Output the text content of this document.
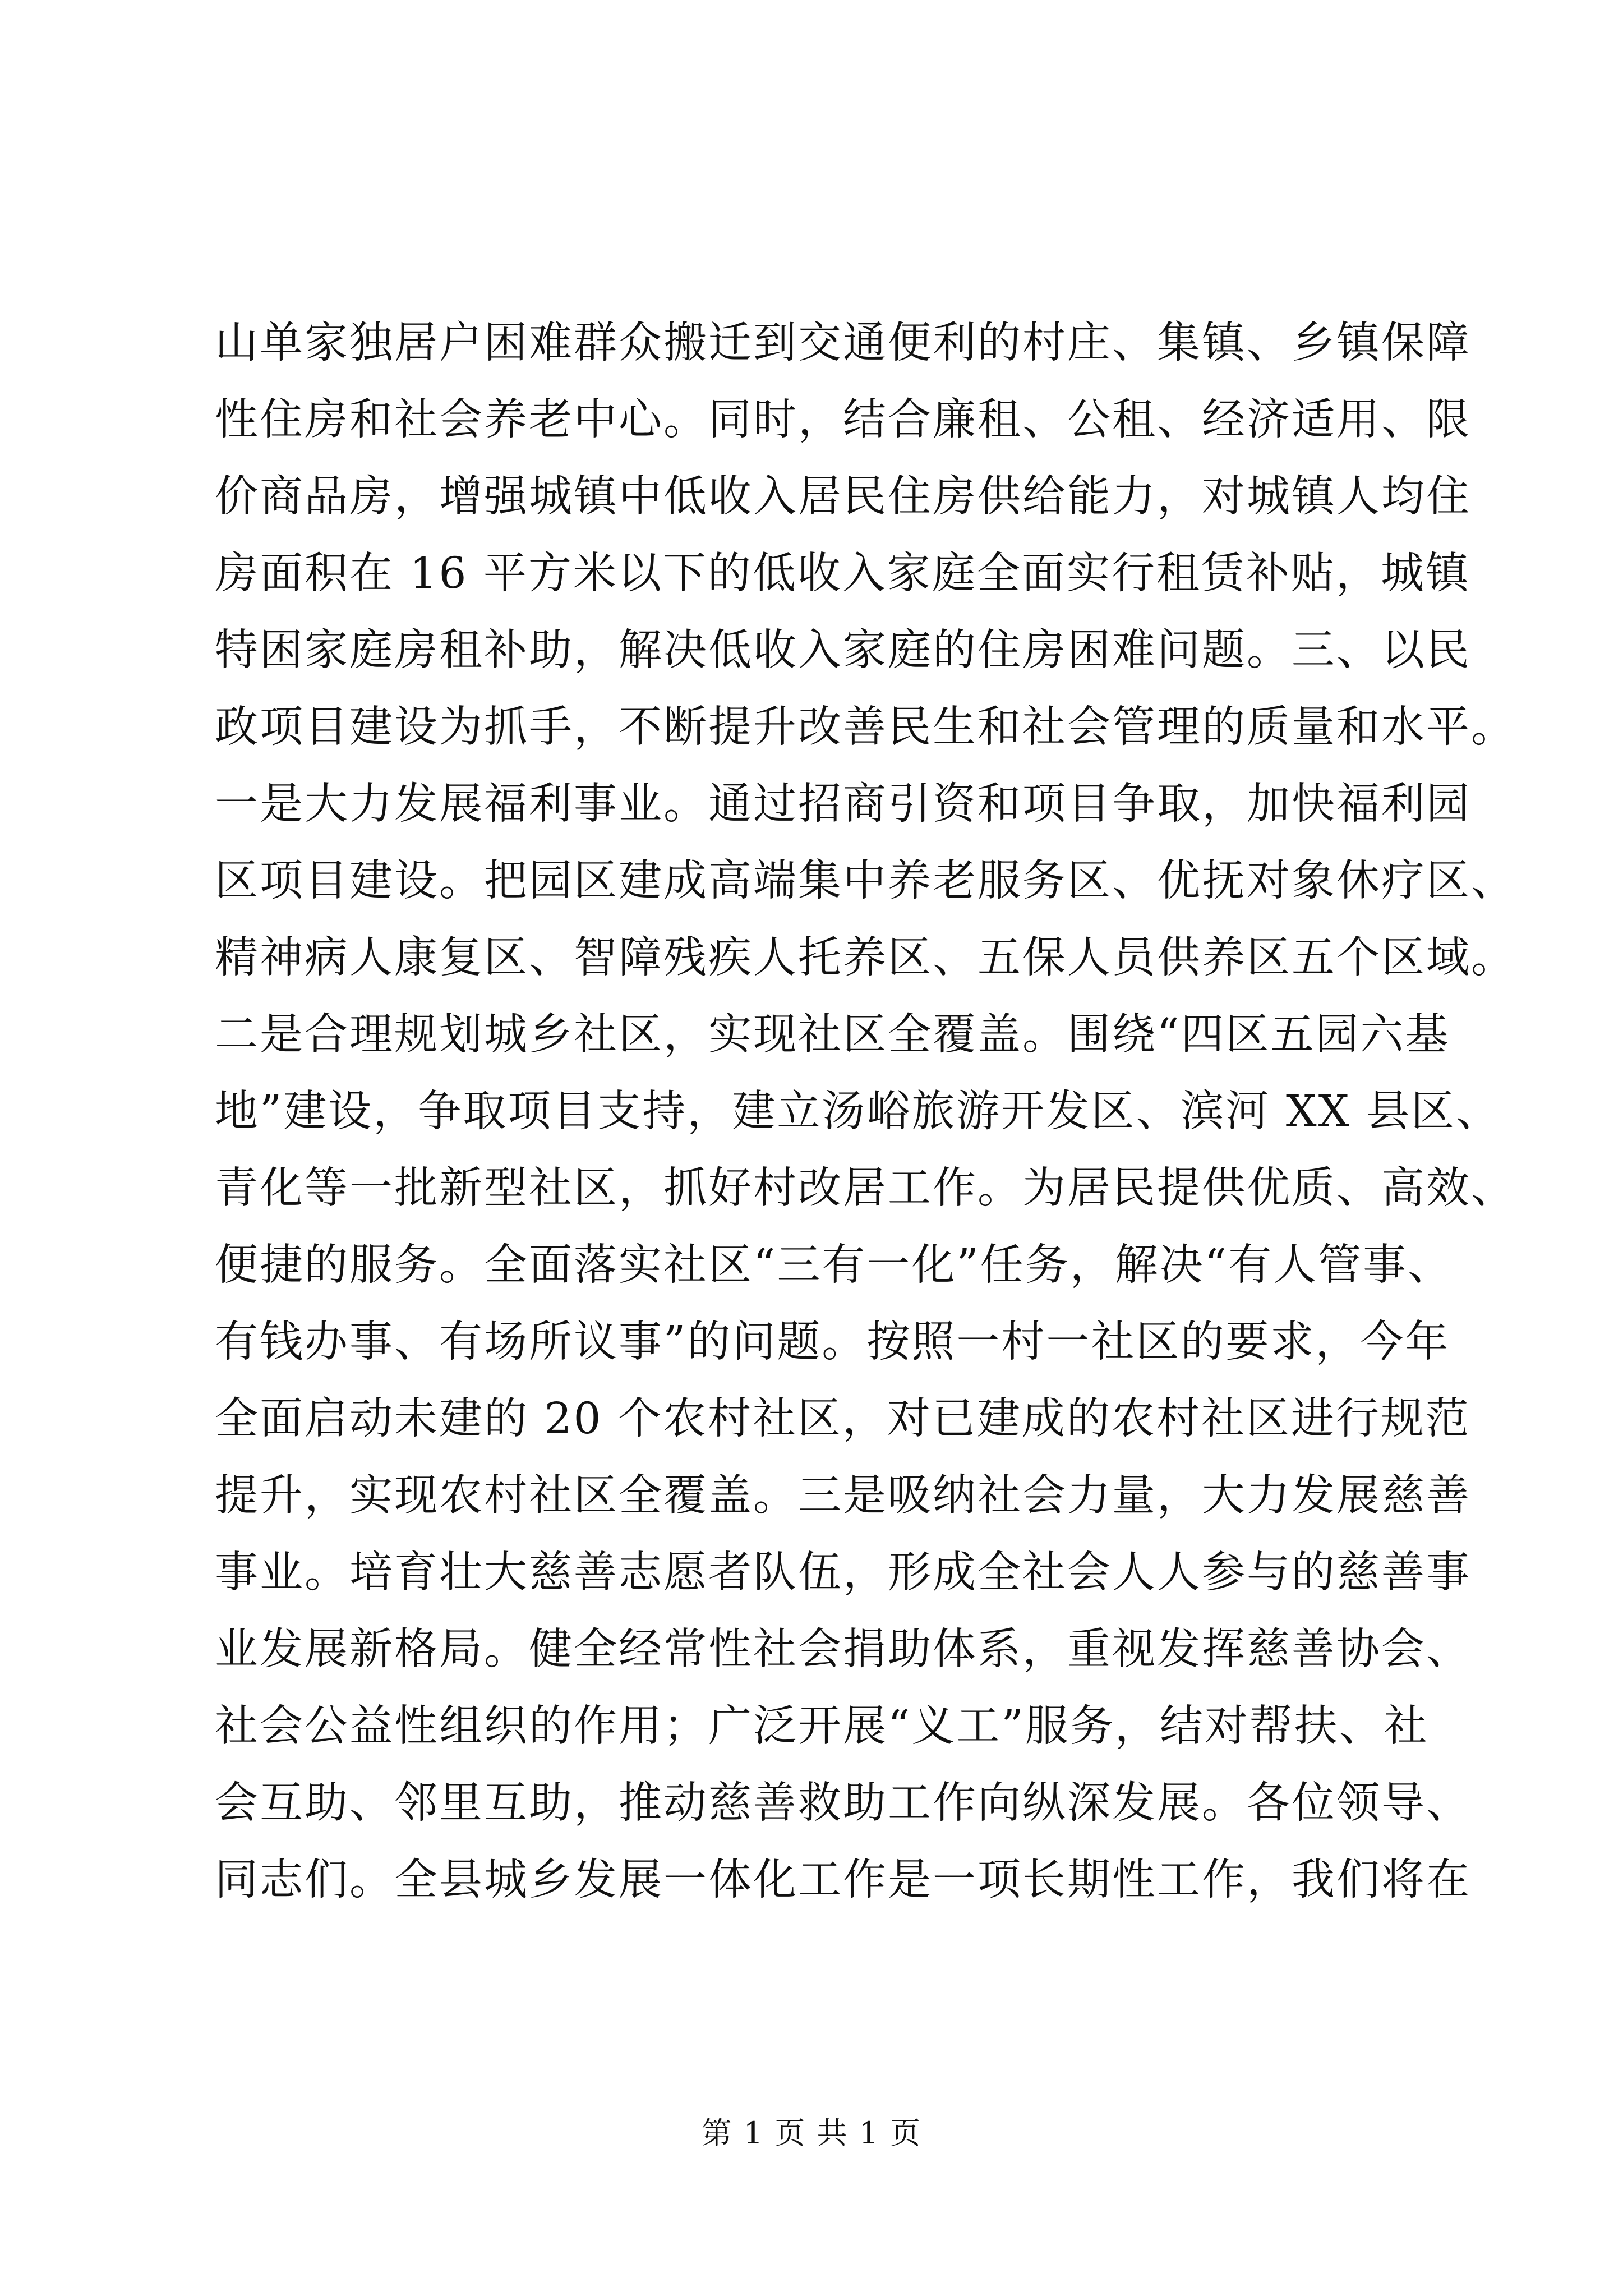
山单家独居户困难群众搬迁到交通便利的村庄、集镇、乡镇保障
性住房和社会养老中心。同时，结合廉租、公租、经济适用、限
价商品房，增强城镇中低收入居民住房供给能力，对城镇人均住
房面积在 16 平方米以下的低收入家庭全面实行租赁补贴，城镇
特困家庭房租补助，解决低收入家庭的住房困难问题。三、以民
政项目建设为抓手，不断提升改善民生和社会管理的质量和水平。
一是大力发展福利事业。通过招商引资和项目争取，加快福利园
区项目建设。把园区建成高端集中养老服务区、优抚对象休疗区、
精神病人康复区、智障残疾人托养区、五保人员供养区五个区域。
二是合理规划城乡社区，实现社区全覆盖。围绕“四区五园六基
地”建设，争取项目支持，建立汤峪旅游开发区、滨河 XX 县区、
青化等一批新型社区，抓好村改居工作。为居民提供优质、高效、
便捷的服务。全面落实社区“三有一化”任务，解决“有人管事、
有钱办事、有场所议事”的问题。按照一村一社区的要求，今年
全面启动未建的 20 个农村社区，对已建成的农村社区进行规范
提升，实现农村社区全覆盖。三是吸纳社会力量，大力发展慈善
事业。培育壮大慈善志愿者队伍，形成全社会人人参与的慈善事
业发展新格局。健全经常性社会捐助体系，重视发挥慈善协会、
社会公益性组织的作用；广泛开展“义工”服务，结对帮扶、社
会互助、邻里互助，推动慈善救助工作向纵深发展。各位领导、
同志们。全县城乡发展一体化工作是一项长期性工作，我们将在
第 1 页 共 1 页
